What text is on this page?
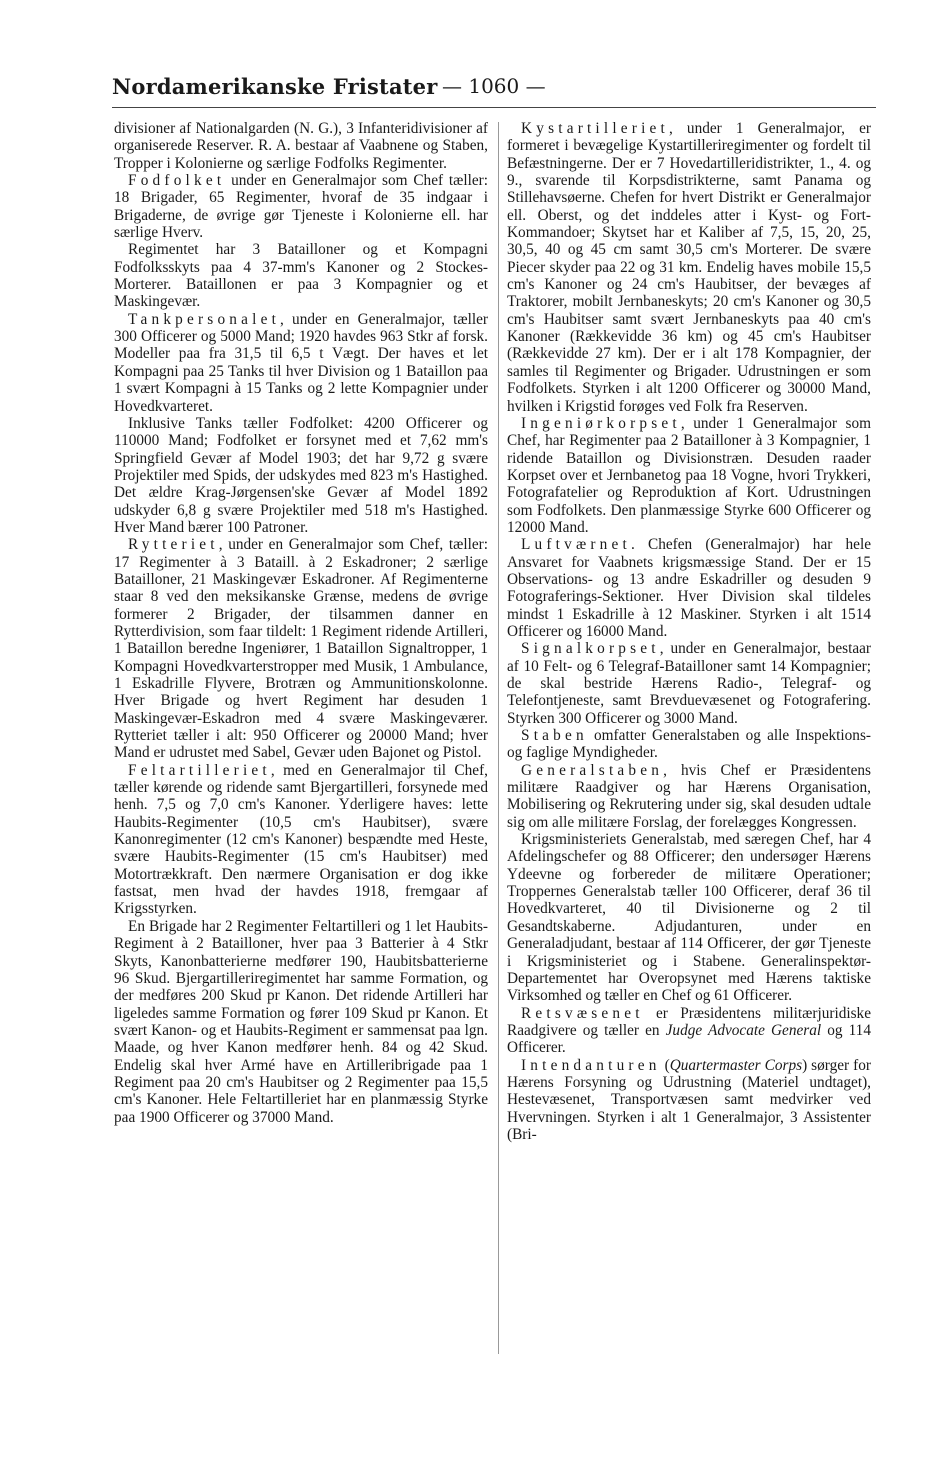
Nordamerikanske Fristater — 1060 —

divisioner af Nationalgarden (N. G.), 3 Infanteridivisioner af organiserede Reserver. R. A. bestaar af Vaabnene og Staben, Tropper i Kolonierne og særlige Fodfolks Regimenter.

Fodfolket under en Generalmajor som Chef tæller: 18 Brigader, 65 Regimenter, hvoraf de 35 indgaar i Brigaderne, de øvrige gør Tjeneste i Kolonierne ell. har særlige Hverv.

Regimentet har 3 Batailloner og et Kompagni Fodfolksskyts paa 4 37-mm's Kanoner og 2 Stockes-Morterer. Bataillonen er paa 3 Kompagnier og et Maskingevær.

Tankpersonalet, under en Generalmajor, tæller 300 Officerer og 5000 Mand; 1920 havdes 963 Stkr af forsk. Modeller paa fra 31,5 til 6,5 t Vægt. Der haves et let Kompagni paa 25 Tanks til hver Division og 1 Bataillon paa 1 svært Kompagni à 15 Tanks og 2 lette Kompagnier under Hovedkvarteret.

Inklusive Tanks tæller Fodfolket: 4200 Officerer og 110000 Mand; Fodfolket er forsynet med et 7,62 mm's Springfield Gevær af Model 1903; det har 9,72 g svære Projektiler med Spids, der udskydes med 823 m's Hastighed. Det ældre Krag-Jørgensen'ske Gevær af Model 1892 udskyder 6,8 g svære Projektiler med 518 m's Hastighed. Hver Mand bærer 100 Patroner.

Rytteriet, under en Generalmajor som Chef, tæller: 17 Regimenter à 3 Bataill. à 2 Eskadroner; 2 særlige Batailloner, 21 Maskingevær Eskadroner. Af Regimenterne staar 8 ved den meksikanske Grænse, medens de øvrige formerer 2 Brigader, der tilsammen danner en Rytterdivision, som faar tildelt: 1 Regiment ridende Artilleri, 1 Bataillon beredne Ingeniører, 1 Bataillon Signaltropper, 1 Kompagni Hovedkvarterstropper med Musik, 1 Ambulance, 1 Eskadrille Flyvere, Brotræn og Ammunitionskolonne. Hver Brigade og hvert Regiment har desuden 1 Maskingevær-Eskadron med 4 svære Maskingeværer. Rytteriet tæller i alt: 950 Officerer og 20000 Mand; hver Mand er udrustet med Sabel, Gevær uden Bajonet og Pistol.

Feltartilleriet, med en Generalmajor til Chef, tæller kørende og ridende samt Bjergartilleri, forsynede med henh. 7,5 og 7,0 cm's Kanoner. Yderligere haves: lette Haubits-Regimenter (10,5 cm's Haubitser), svære Kanonregimenter (12 cm's Kanoner) bespændte med Heste, svære Haubits-Regimenter (15 cm's Haubitser) med Motortrækkraft. Den nærmere Organisation er dog ikke fastsat, men hvad der havdes 1918, fremgaar af Krigsstyrken.

En Brigade har 2 Regimenter Feltartilleri og 1 let Haubits-Regiment à 2 Batailloner, hver paa 3 Batterier à 4 Stkr Skyts, Kanonbatterierne medfører 190, Haubitsbatterierne 96 Skud. Bjergartilleriregimentet har samme Formation, og der medføres 200 Skud pr Kanon. Det ridende Artilleri har ligeledes samme Formation og fører 109 Skud pr Kanon. Et svært Kanon- og et Haubits-Regiment er sammensat paa lgn. Maade, og hver Kanon medfører henh. 84 og 42 Skud. Endelig skal hver Armé have en Artilleribrigade paa 1 Regiment paa 20 cm's Haubitser og 2 Regimenter paa 15,5 cm's Kanoner. Hele Feltartilleriet har en planmæssig Styrke paa 1900 Officerer og 37000 Mand.

Kystartilleriet, under 1 Generalmajor, er formeret i bevægelige Kystartilleriregimenter og fordelt til Befæstningerne. Der er 7 Hovedartilleridistrikter, 1., 4. og 9., svarende til Korpsdistrikterne, samt Panama og Stillehavsøerne. Chefen for hvert Distrikt er Generalmajor ell. Oberst, og det inddeles atter i Kyst- og Fort-Kommandoer; Skytset har et Kaliber af 7,5, 15, 20, 25, 30,5, 40 og 45 cm samt 30,5 cm's Morterer. De svære Piecer skyder paa 22 og 31 km. Endelig haves mobile 15,5 cm's Kanoner og 24 cm's Haubitser, der bevæges af Traktorer, mobilt Jernbaneskyts; 20 cm's Kanoner og 30,5 cm's Haubitser samt svært Jernbaneskyts paa 40 cm's Kanoner (Rækkevidde 36 km) og 45 cm's Haubitser (Rækkevidde 27 km). Der er i alt 178 Kompagnier, der samles til Regimenter og Brigader. Udrustningen er som Fodfolkets. Styrken i alt 1200 Officerer og 30000 Mand, hvilken i Krigstid forøges ved Folk fra Reserven.

Ingeniørkorpset, under 1 Generalmajor som Chef, har Regimenter paa 2 Batailloner à 3 Kompagnier, 1 ridende Bataillon og Divisionstræn. Desuden raader Korpset over et Jernbanetog paa 18 Vogne, hvori Trykkeri, Fotografatelier og Reproduktion af Kort. Udrustningen som Fodfolkets. Den planmæssige Styrke 600 Officerer og 12000 Mand.

Luftværnet. Chefen (Generalmajor) har hele Ansvaret for Vaabnets krigsmæssige Stand. Der er 15 Observations- og 13 andre Eskadriller og desuden 9 Fotograferings-Sektioner. Hver Division skal tildeles mindst 1 Eskadrille à 12 Maskiner. Styrken i alt 1514 Officerer og 16000 Mand.

Signalkorpset, under en Generalmajor, bestaar af 10 Felt- og 6 Telegraf-Batailloner samt 14 Kompagnier; de skal bestride Hærens Radio-, Telegraf- og Telefontjeneste, samt Brevduevæsenet og Fotografering. Styrken 300 Officerer og 3000 Mand.

Staben omfatter Generalstaben og alle Inspektions- og faglige Myndigheder.

Generalstaben, hvis Chef er Præsidentens militære Raadgiver og har Hærens Organisation, Mobilisering og Rekrutering under sig, skal desuden udtale sig om alle militære Forslag, der forelægges Kongressen.

Krigsministeriets Generalstab, med særegen Chef, har 4 Afdelingschefer og 88 Officerer; den undersøger Hærens Ydeevne og forbereder de militære Operationer; Troppernes Generalstab tæller 100 Officerer, deraf 36 til Hovedkvarteret, 40 til Divisionerne og 2 til Gesandtskaberne. Adjudanturen, under en Generaladjudant, bestaar af 114 Officerer, der gør Tjeneste i Krigsministeriet og i Stabene. Generalinspektør-Departementet har Overopsynet med Hærens taktiske Virksomhed og tæller en Chef og 61 Officerer.

Retsvæsenet er Præsidentens militærjuridiske Raadgivere og tæller en Judge Advocate General og 114 Officerer.

Intendanturen (Quartermaster Corps) sørger for Hærens Forsyning og Udrustning (Materiel undtaget), Hestevæsenet, Transportvæsen samt medvirker ved Hvervningen. Styrken i alt 1 Generalmajor, 3 Assistenter (Bri-
